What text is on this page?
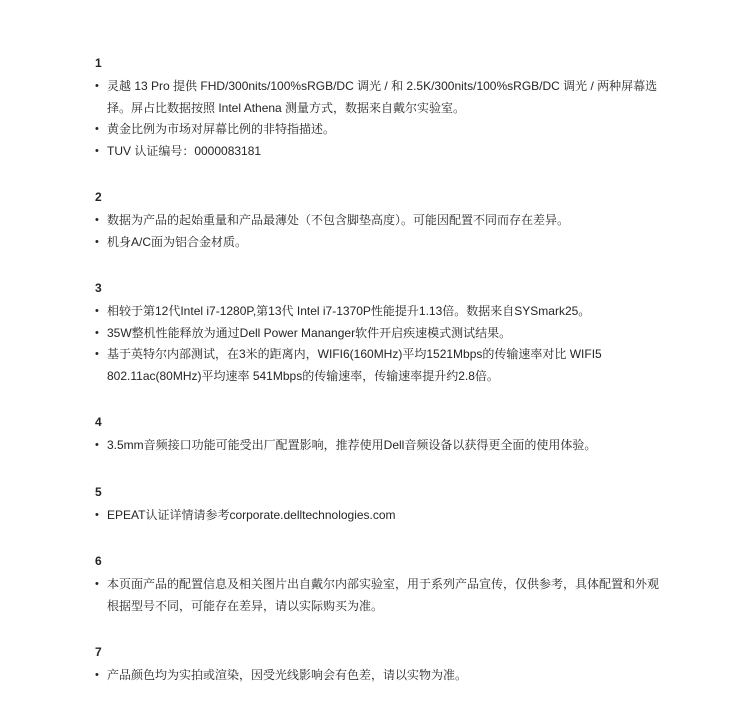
1
• 灵越 13 Pro 提供 FHD/300nits/100%sRGB/DC 调光 / 和 2.5K/300nits/100%sRGB/DC 调光 / 两种屏幕选择。屏占比数据按照 Intel Athena 测量方式，数据来自戴尔实验室。
• 黄金比例为市场对屏幕比例的非特指描述。
• TUV 认证编号：0000083181
2
• 数据为产品的起始重量和产品最薄处（不包含脚垫高度）。可能因配置不同而存在差异。
• 机身A/C面为铝合金材质。
3
• 相较于第12代Intel i7-1280P,第13代 Intel i7-1370P性能提升1.13倍。数据来自SYSmark25。
• 35W整机性能释放为通过Dell Power Mananger软件开启疾速模式测试结果。
• 基于英特尔内部测试，在3米的距离内，WIFI6(160MHz)平均1521Mbps的传输速率对比 WIFI5 802.11ac(80MHz)平均速率 541Mbps的传输速率，传输速率提升约2.8倍。
4
• 3.5mm音频接口功能可能受出厂配置影响，推荐使用Dell音频设备以获得更全面的使用体验。
5
• EPEAT认证详情请参考corporate.delltechnologies.com
6
• 本页面产品的配置信息及相关图片出自戴尔内部实验室，用于系列产品宣传，仅供参考，具体配置和外观根据型号不同，可能存在差异，请以实际购买为准。
7
• 产品颜色均为实拍或渲染，因受光线影响会有色差，请以实物为准。
